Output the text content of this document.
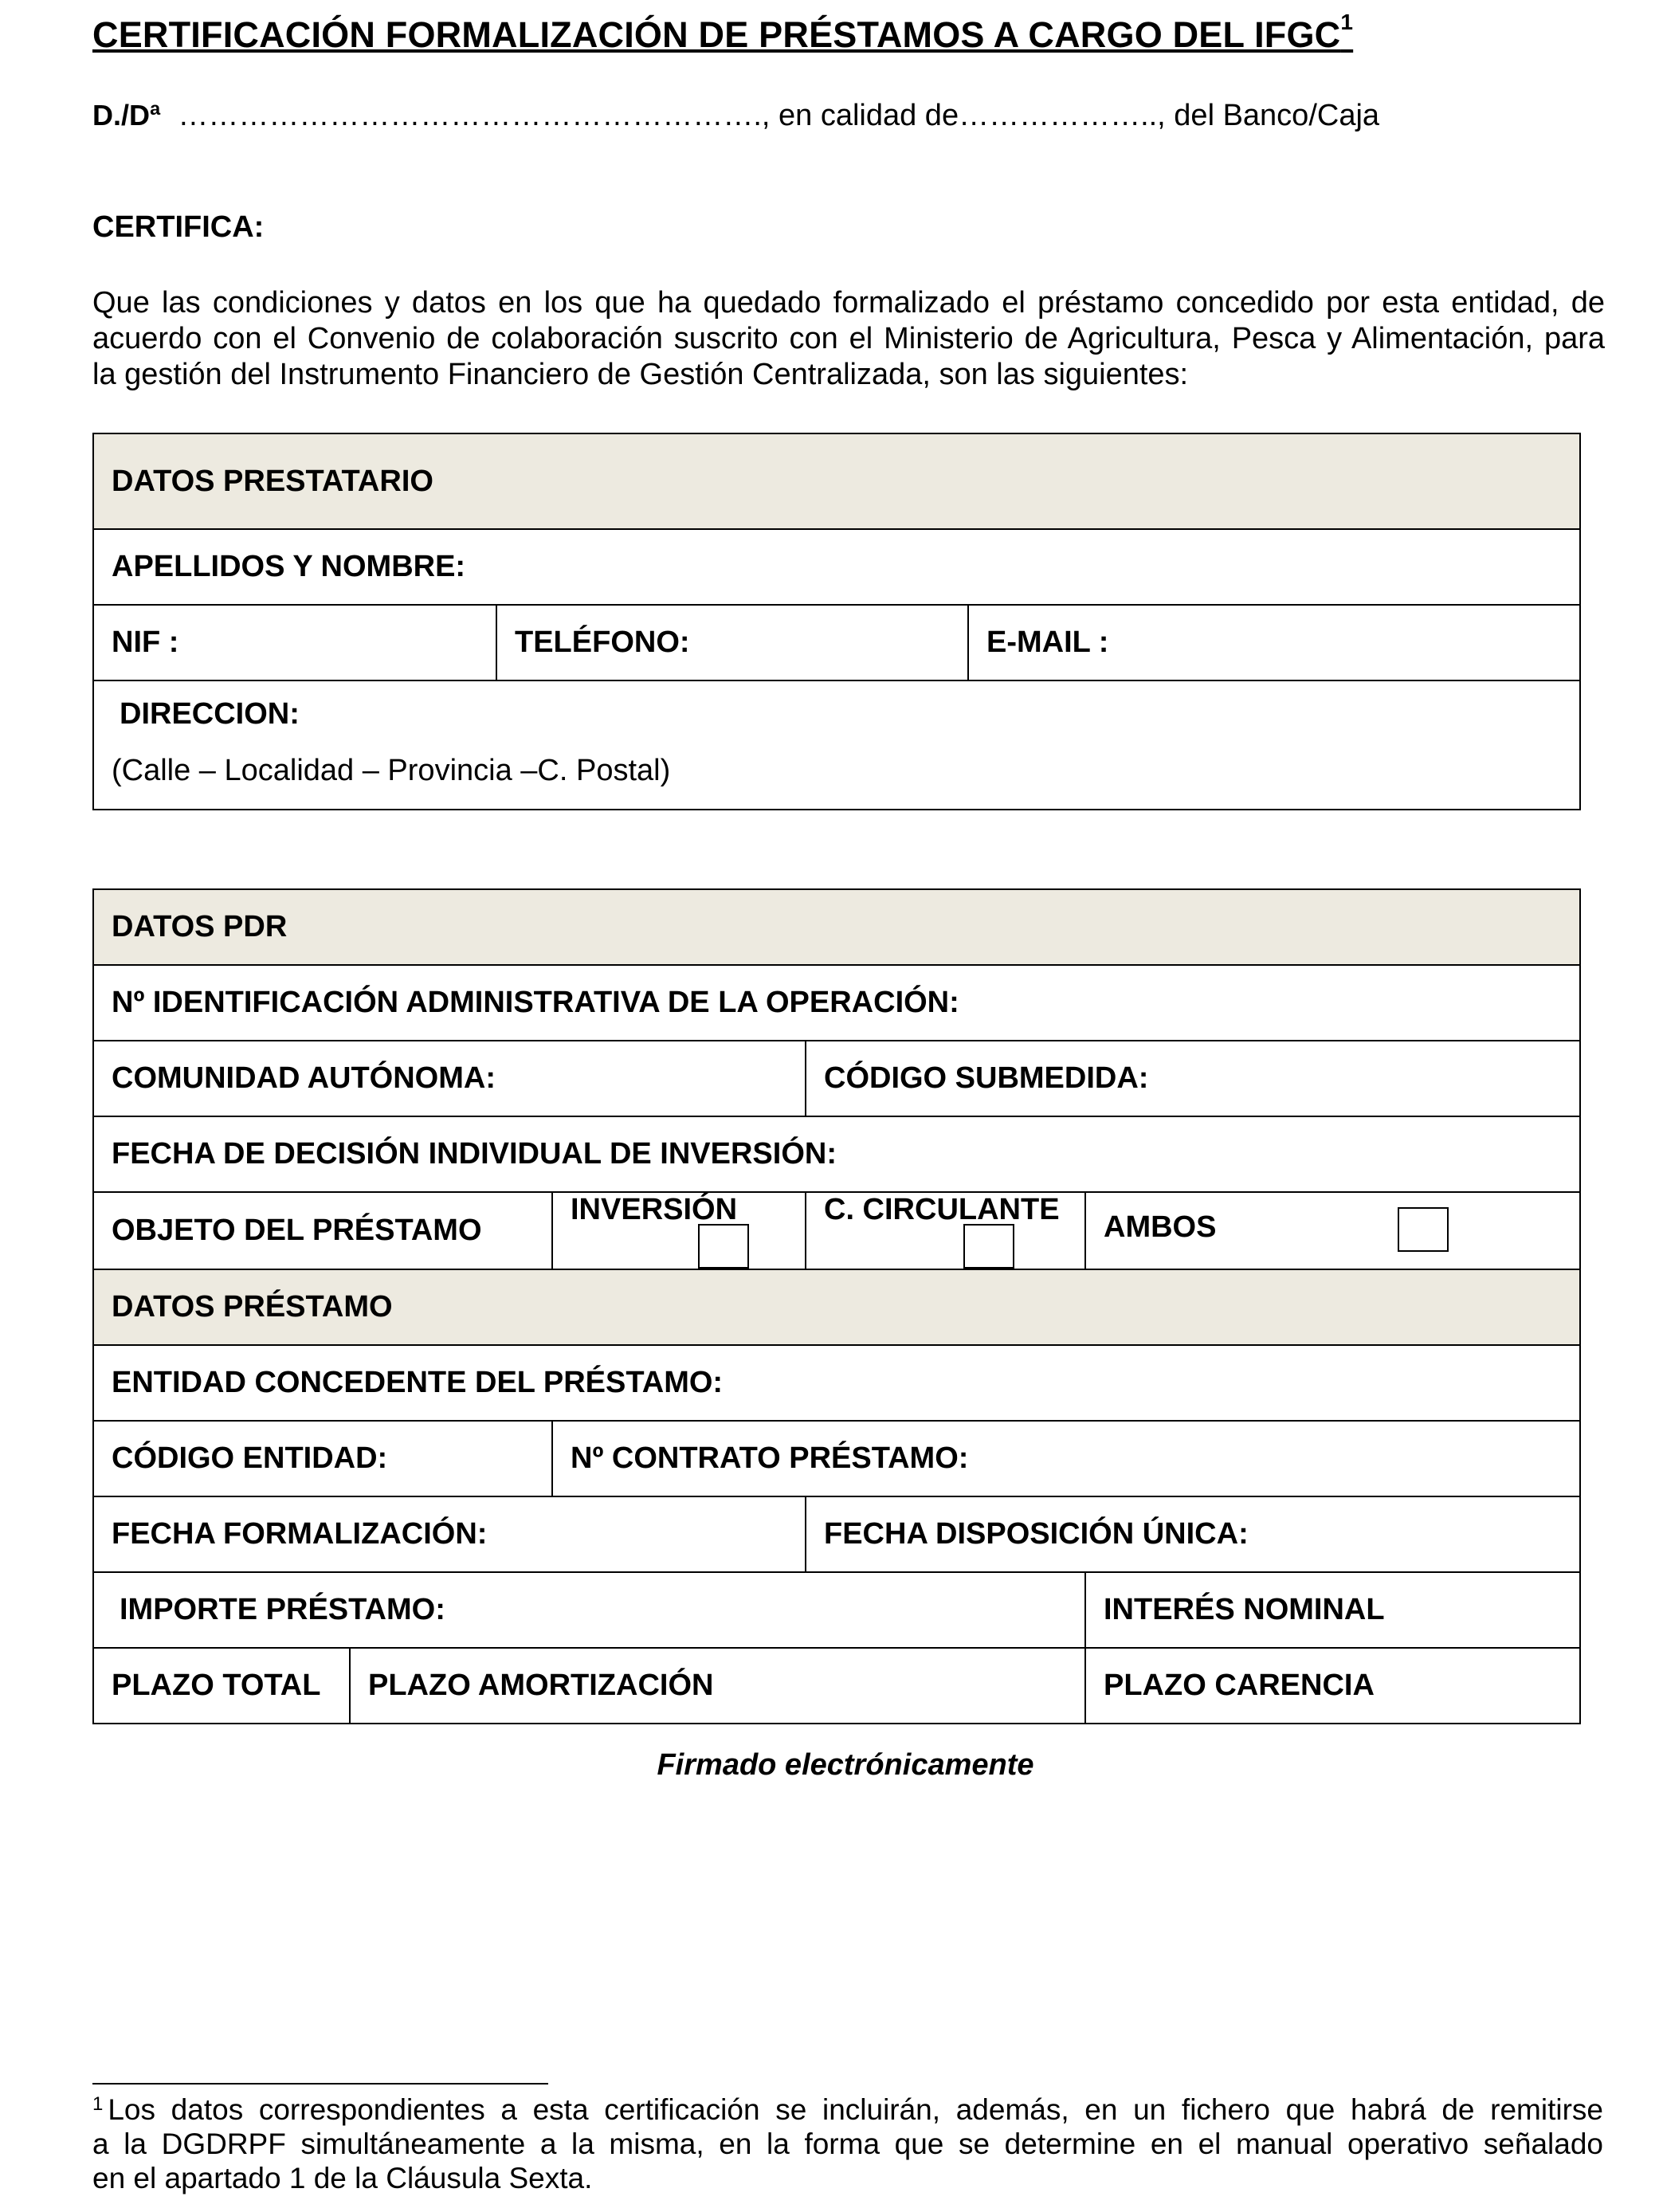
CERTIFICACIÓN FORMALIZACIÓN DE PRÉSTAMOS A CARGO DEL IFGC$^1$
D./Dª …………………………………………………., en calidad de……………….., del Banco/Caja
CERTIFICA:
Que las condiciones y datos en los que ha quedado formalizado el préstamo concedido por esta entidad, de
acuerdo con el Convenio de colaboración suscrito con el Ministerio de Agricultura, Pesca y Alimentación, para
la gestión del Instrumento Financiero de Gestión Centralizada, son las siguientes:
DATOS PRESTATARIO
APELLIDOS Y NOMBRE:
NIF :	TELÉFONO:	E-MAIL :

DIRECCION:
(Calle – Localidad – Provincia –C. Postal)
DATOS PDR				
Nº IDENTIFICACIÓN ADMINISTRATIVA DE LA OPERACIÓN:				
COMUNIDAD AUTÓNOMA:			CÓDIGO SUBMEDIDA:	
FECHA DE DECISIÓN INDIVIDUAL DE INVERSIÓN:				
OBJETO DEL PRÉSTAMO		INVERSIÓN	C. CIRCULANTE	AMBOS

DATOS PRÉSTAMO				
ENTIDAD CONCEDENTE DEL PRÉSTAMO:				
CÓDIGO ENTIDAD:		Nº CONTRATO PRÉSTAMO:		
FECHA FORMALIZACIÓN:			FECHA DISPOSICIÓN ÚNICA:	
IMPORTE PRÉSTAMO:				INTERÉS NOMINAL
PLAZO TOTAL	PLAZO AMORTIZACIÓN			PLAZO CARENCIA
Firmado electrónicamente
$^1$ Los datos correspondientes a esta certificación se incluirán, además, en un fichero que habrá de remitirse
a la DGDRPF simultáneamente a la misma, en la forma que se determine en el manual operativo señalado
en el apartado 1 de la Cláusula Sexta.
